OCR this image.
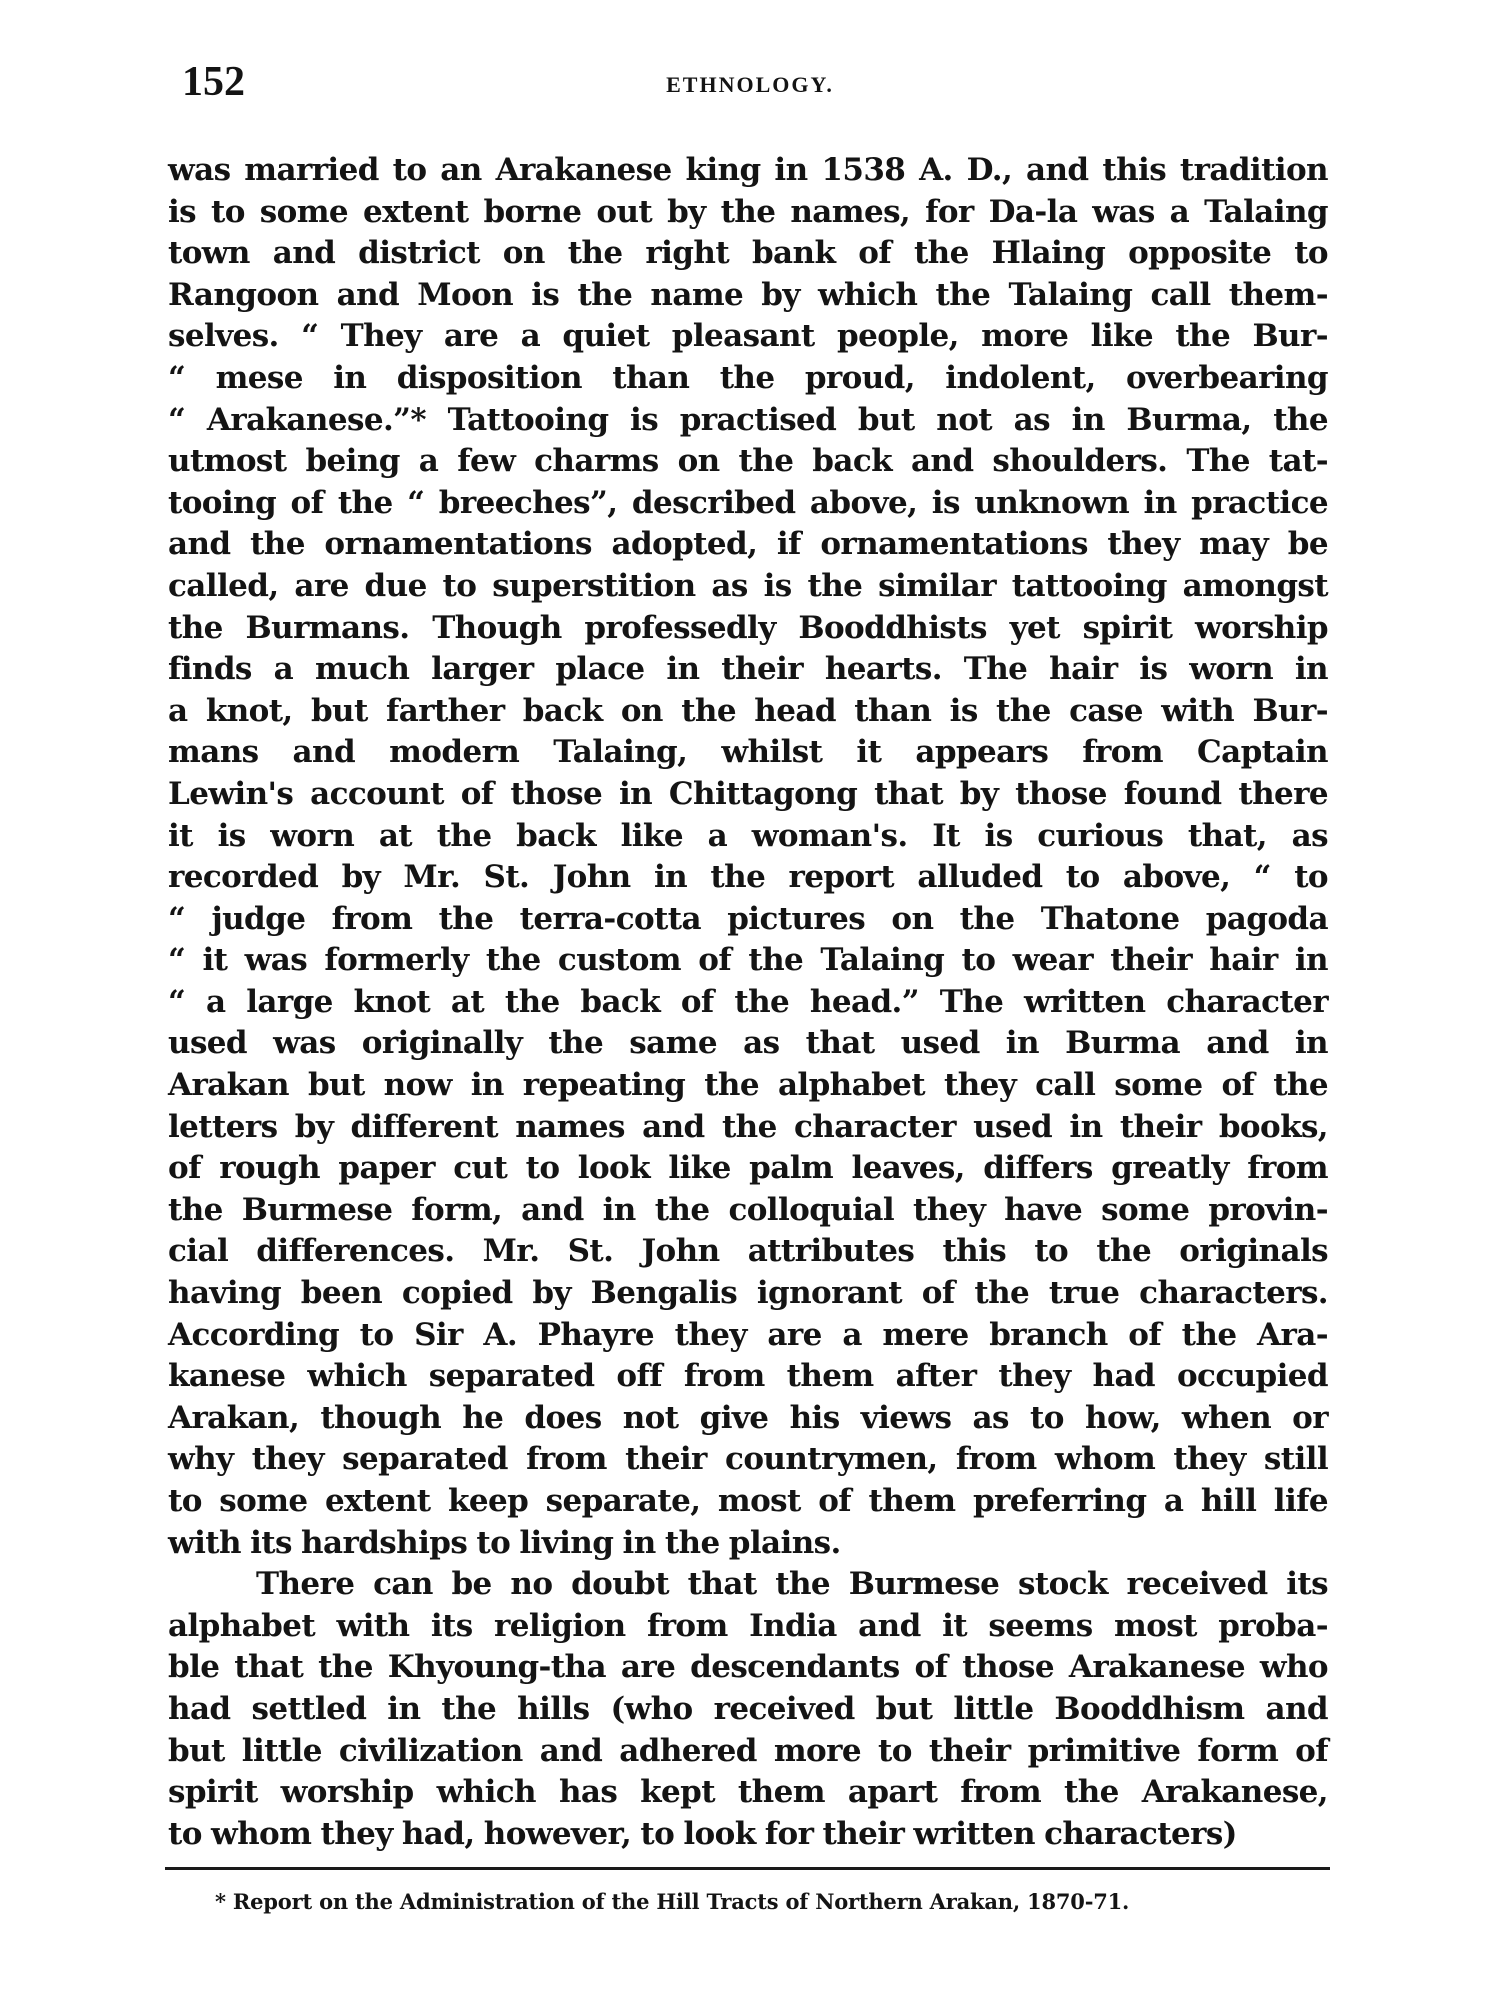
152	ETHNOLOGY.
was married to an Arakanese king in 1538 A. D., and this tradition
is to some extent borne out by the names, for Da-la was a Talaing
town and district on the right bank of the Hlaing opposite to
Rangoon and Moon is the name by which the Talaing call them-
selves. “ They are a quiet pleasant people, more like the Bur-
“ mese in disposition than the proud, indolent, overbearing
“ Arakanese.”* Tattooing is practised but not as in Burma, the
utmost being a few charms on the back and shoulders. The tat-
tooing of the “ breeches”, described above, is unknown in practice
and the ornamentations adopted, if ornamentations they may be
called, are due to superstition as is the similar tattooing amongst
the Burmans. Though professedly Booddhists yet spirit worship
finds a much larger place in their hearts. The hair is worn in
a knot, but farther back on the head than is the case with Bur-
mans and modern Talaing, whilst it appears from Captain
Lewin's account of those in Chittagong that by those found there
it is worn at the back like a woman's. It is curious that, as
recorded by Mr. St. John in the report alluded to above, “ to
“ judge from the terra-cotta pictures on the Thatone pagoda
“ it was formerly the custom of the Talaing to wear their hair in
“ a large knot at the back of the head.” The written character
used was originally the same as that used in Burma and in
Arakan but now in repeating the alphabet they call some of the
letters by different names and the character used in their books,
of rough paper cut to look like palm leaves, differs greatly from
the Burmese form, and in the colloquial they have some provin-
cial differences. Mr. St. John attributes this to the originals
having been copied by Bengalis ignorant of the true characters.
According to Sir A. Phayre they are a mere branch of the Ara-
kanese which separated off from them after they had occupied
Arakan, though he does not give his views as to how, when or
why they separated from their countrymen, from whom they still
to some extent keep separate, most of them preferring a hill life
with its hardships to living in the plains.
There can be no doubt that the Burmese stock received its
alphabet with its religion from India and it seems most proba-
ble that the Khyoung-tha are descendants of those Arakanese who
had settled in the hills (who received but little Booddhism and
but little civilization and adhered more to their primitive form of
spirit worship which has kept them apart from the Arakanese,
to whom they had, however, to look for their written characters)
* Report on the Administration of the Hill Tracts of Northern Arakan, 1870-71.
